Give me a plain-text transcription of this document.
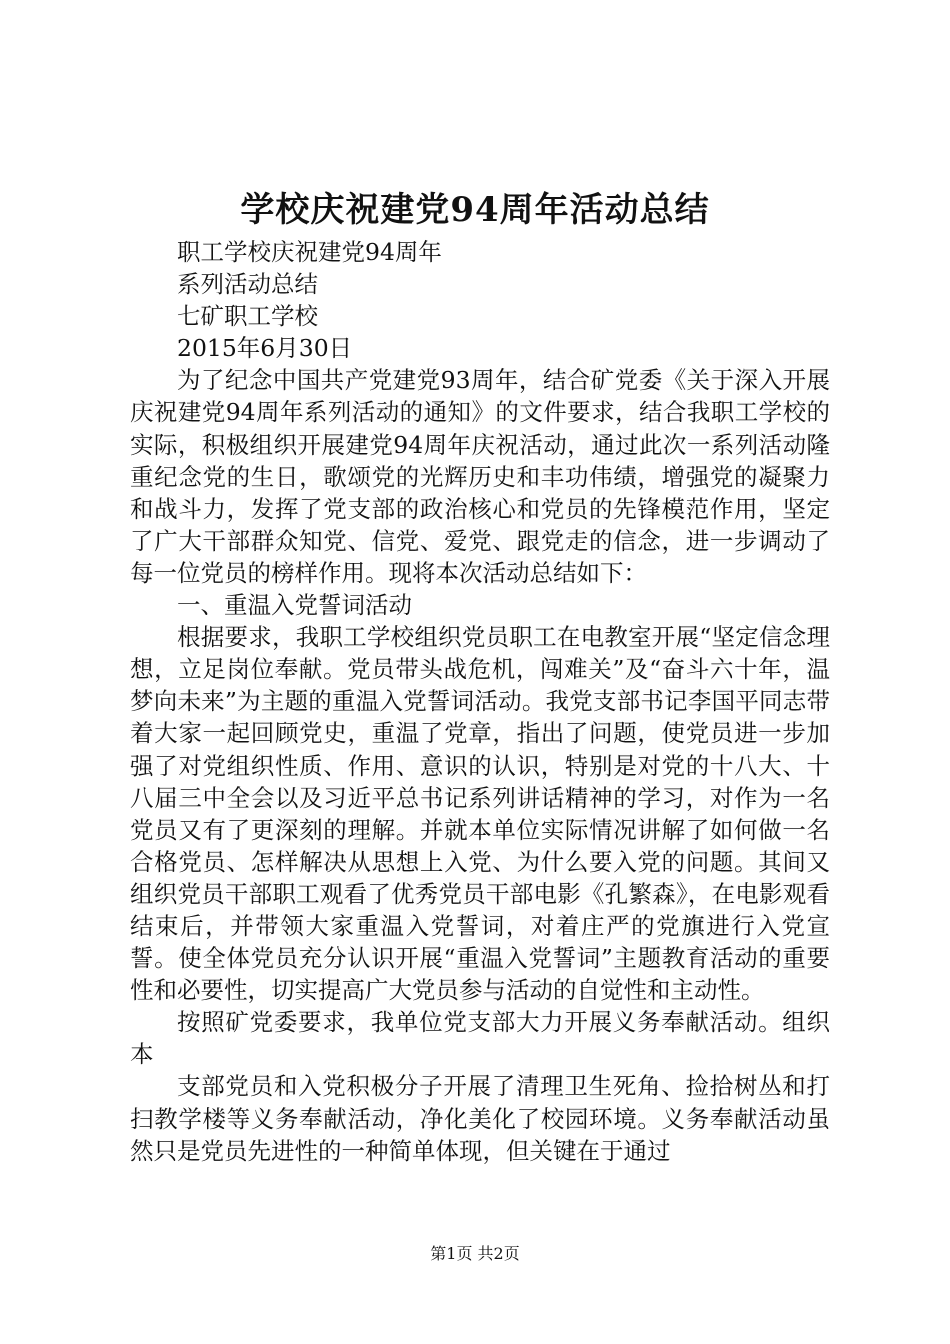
学校庆祝建党94周年活动总结

职工学校庆祝建党94周年

系列活动总结

七矿职工学校

2015年6月30日

为了纪念中国共产党建党93周年，结合矿党委《关于深入开展庆祝建党94周年系列活动的通知》的文件要求，结合我职工学校的实际，积极组织开展建党94周年庆祝活动，通过此次一系列活动隆重纪念党的生日，歌颂党的光辉历史和丰功伟绩，增强党的凝聚力和战斗力，发挥了党支部的政治核心和党员的先锋模范作用，坚定了广大干部群众知党、信党、爱党、跟党走的信念，进一步调动了每一位党员的榜样作用。现将本次活动总结如下：

一、重温入党誓词活动

根据要求，我职工学校组织党员职工在电教室开展“坚定信念理想，立足岗位奉献。党员带头战危机，闯难关”及“奋斗六十年，温梦向未来”为主题的重温入党誓词活动。我党支部书记李国平同志带着大家一起回顾党史，重温了党章，指出了问题，使党员进一步加强了对党组织性质、作用、意识的认识，特别是对党的十八大、十八届三中全会以及习近平总书记系列讲话精神的学习，对作为一名党员又有了更深刻的理解。并就本单位实际情况讲解了如何做一名合格党员、怎样解决从思想上入党、为什么要入党的问题。其间又组织党员干部职工观看了优秀党员干部电影《孔繁森》，在电影观看结束后，并带领大家重温入党誓词，对着庄严的党旗进行入党宣誓。使全体党员充分认识开展“重温入党誓词”主题教育活动的重要性和必要性，切实提高广大党员参与活动的自觉性和主动性。

按照矿党委要求，我单位党支部大力开展义务奉献活动。组织本

支部党员和入党积极分子开展了清理卫生死角、捡拾树丛和打扫教学楼等义务奉献活动，净化美化了校园环境。义务奉献活动虽然只是党员先进性的一种简单体现，但关键在于通过

第1页 共2页
